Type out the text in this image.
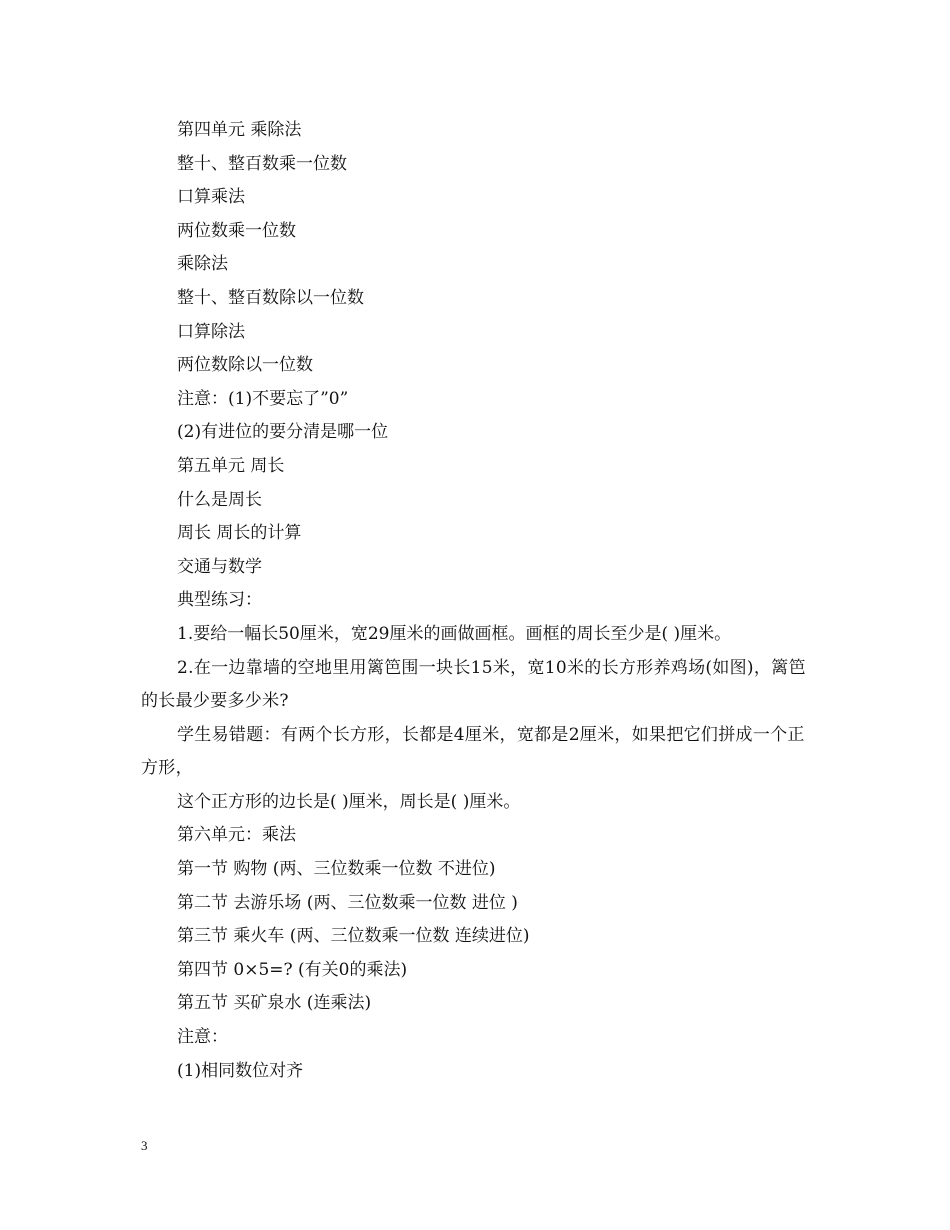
第四单元 乘除法
整十、整百数乘一位数
口算乘法
两位数乘一位数
乘除法
整十、整百数除以一位数
口算除法
两位数除以一位数
注意：(1)不要忘了”0”
(2)有进位的要分清是哪一位
第五单元 周长
什么是周长
周长 周长的计算
交通与数学
典型练习：
1.要给一幅长50厘米，宽29厘米的画做画框。画框的周长至少是( )厘米。
2.在一边靠墙的空地里用篱笆围一块长15米，宽10米的长方形养鸡场(如图)，篱笆的长最少要多少米?
学生易错题：有两个长方形，长都是4厘米，宽都是2厘米，如果把它们拼成一个正方形，
这个正方形的边长是( )厘米，周长是( )厘米。
第六单元：乘法
第一节 购物 (两、三位数乘一位数 不进位)
第二节 去游乐场 (两、三位数乘一位数 进位 )
第三节 乘火车 (两、三位数乘一位数 连续进位)
第四节 0×5=? (有关0的乘法)
第五节 买矿泉水 (连乘法)
注意：
(1)相同数位对齐
3
